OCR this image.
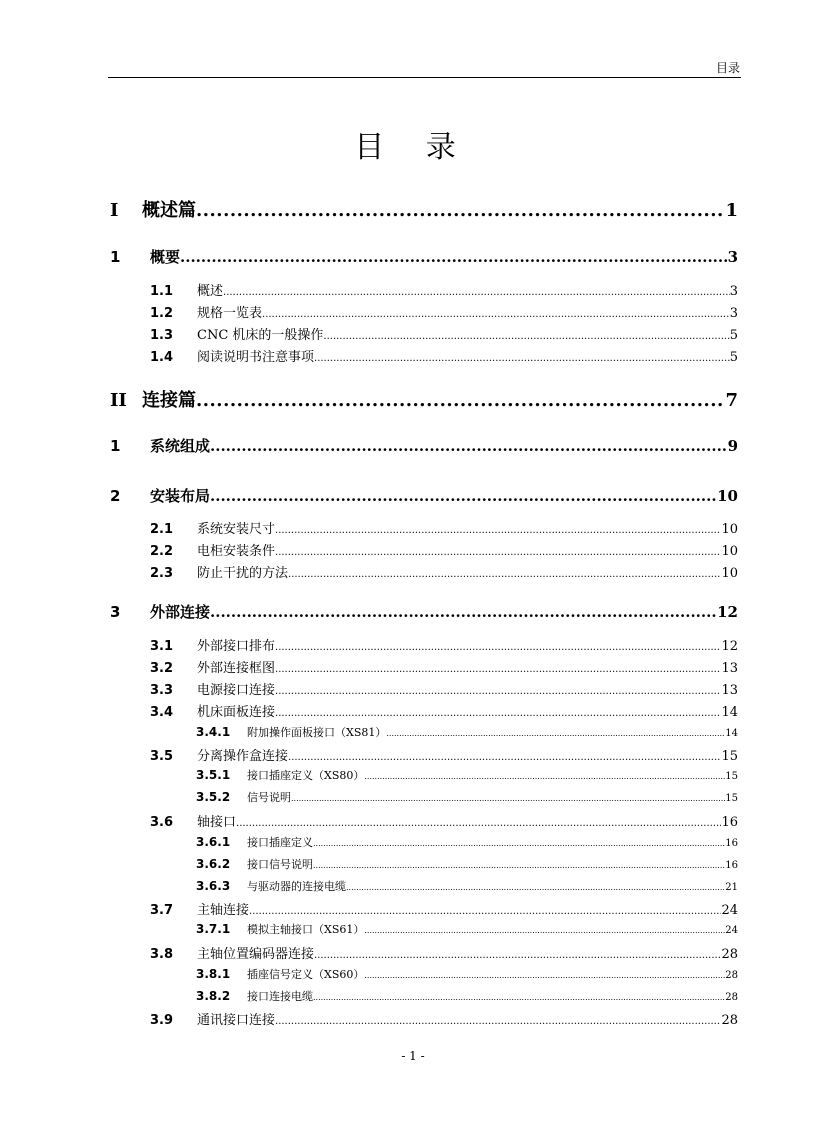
目录
目 录
I	概述篇 .....	1
1	概要 .....	3
1.1	概述 .....	3
1.2	规格一览表 .....	3
1.3	CNC 机床的一般操作 .....	5
1.4	阅读说明书注意事项 .....	5
II 连接篇 .....	7
1	系统组成 .....	9
2	安装布局 .....	10
2.1	系统安装尺寸 .....	10
2.2	电柜安装条件 .....	10
2.3	防止干扰的方法 .....	10
3	外部连接 .....	12
3.1	外部接口排布 .....	12
3.2	外部连接框图 .....	13
3.3	电源接口连接 .....	13
3.4	机床面板连接 .....	14
3.4.1	附加操作面板接口（XS81） .....	14
3.5	分离操作盒连接 .....	15
3.5.1	接口插座定义（XS80） .....	15
3.5.2	信号说明 .....	15
3.6	轴接口 .....	16
3.6.1	接口插座定义 .....	16
3.6.2	接口信号说明 .....	16
3.6.3	与驱动器的连接电缆 .....	21
3.7	主轴连接 .....	24
3.7.1	模拟主轴接口（XS61） .....	24
3.8	主轴位置编码器连接 .....	28
3.8.1	插座信号定义（XS60） .....	28
3.8.2	接口连接电缆 .....	28
3.9	通讯接口连接 .....	28
- 1 -
